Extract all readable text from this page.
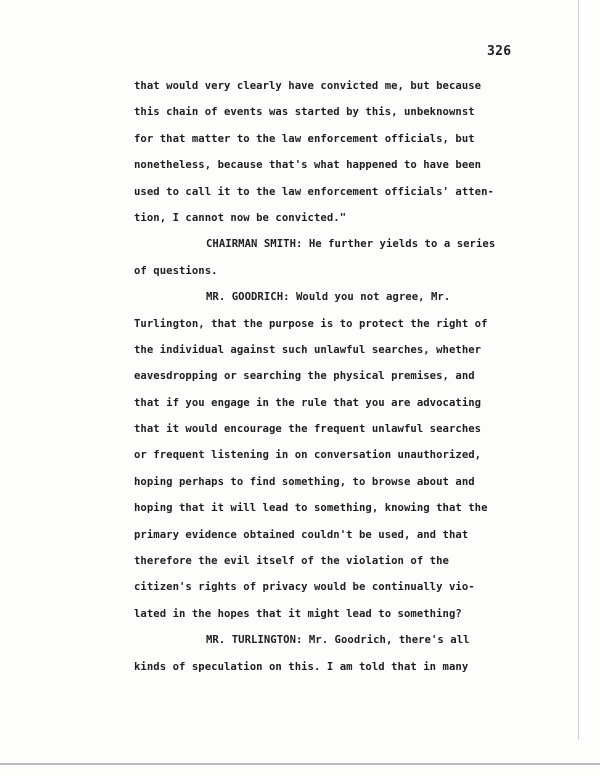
326
that would very clearly have convicted me, but because
this chain of events was started by this, unbeknownst
for that matter to the law enforcement officials, but
nonetheless, because that's what happened to have been
used to call it to the law enforcement officials' atten-
tion, I cannot now be convicted."
CHAIRMAN SMITH: He further yields to a series
of questions.
MR. GOODRICH: Would you not agree, Mr.
Turlington, that the purpose is to protect the right of
the individual against such unlawful searches, whether
eavesdropping or searching the physical premises, and
that if you engage in the rule that you are advocating
that it would encourage the frequent unlawful searches
or frequent listening in on conversation unauthorized,
hoping perhaps to find something, to browse about and
hoping that it will lead to something, knowing that the
primary evidence obtained couldn't be used, and that
therefore the evil itself of the violation of the
citizen's rights of privacy would be continually vio-
lated in the hopes that it might lead to something?
MR. TURLINGTON: Mr. Goodrich, there's all
kinds of speculation on this. I am told that in many
